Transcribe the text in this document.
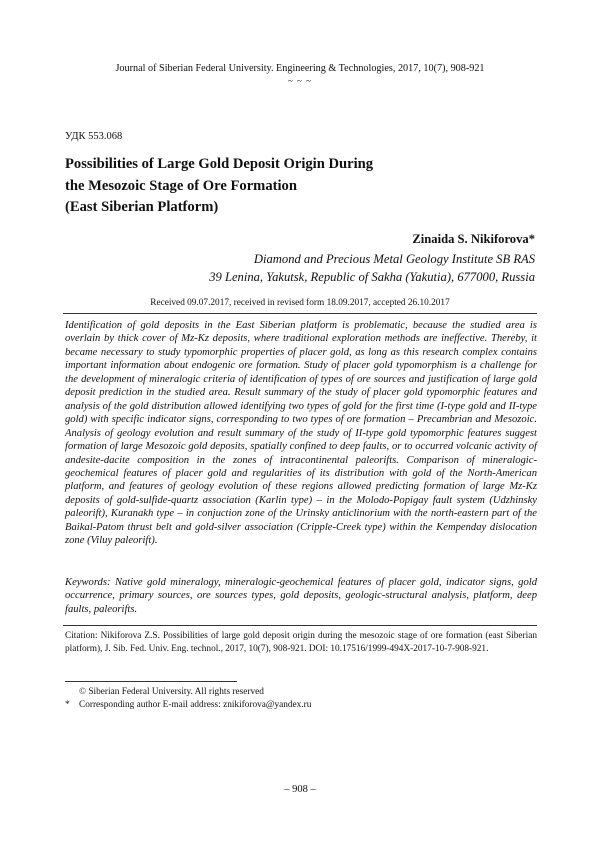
Journal of Siberian Federal University. Engineering & Technologies, 2017, 10(7), 908-921
~ ~ ~
УДК 553.068
Possibilities of Large Gold Deposit Origin During
the Mesozoic Stage of Ore Formation
(East Siberian Platform)
Zinaida S. Nikiforova*
Diamond and Precious Metal Geology Institute SB RAS
39 Lenina, Yakutsk, Republic of Sakha (Yakutia), 677000, Russia
Received 09.07.2017, received in revised form 18.09.2017, accepted 26.10.2017
Identification of gold deposits in the East Siberian platform is problematic, because the studied area is overlain by thick cover of Mz-Kz deposits, where traditional exploration methods are ineffective. Thereby, it became necessary to study typomorphic properties of placer gold, as long as this research complex contains important information about endogenic ore formation. Study of placer gold typomorphism is a challenge for the development of mineralogic criteria of identification of types of ore sources and justification of large gold deposit prediction in the studied area. Result summary of the study of placer gold typomorphic features and analysis of the gold distribution allowed identifying two types of gold for the first time (I-type gold and II-type gold) with specific indicator signs, corresponding to two types of ore formation – Precambrian and Mesozoic. Analysis of geology evolution and result summary of the study of II-type gold typomorphic features suggest formation of large Mesozoic gold deposits, spatially confined to deep faults, or to occurred volcanic activity of andesite-dacite composition in the zones of intracontinental paleorifts. Comparison of mineralogic-geochemical features of placer gold and regularities of its distribution with gold of the North-American platform, and features of geology evolution of these regions allowed predicting formation of large Mz-Kz deposits of gold-sulfide-quartz association (Karlin type) – in the Molodo-Popigay fault system (Udzhinsky paleorift), Kuranakh type – in conjuction zone of the Urinsky anticlinorium with the north-eastern part of the Baikal-Patom thrust belt and gold-silver association (Cripple-Creek type) within the Kempenday dislocation zone (Viluy paleorift).
Keywords: Native gold mineralogy, mineralogic-geochemical features of placer gold, indicator signs, gold occurrence, primary sources, ore sources types, gold deposits, geologic-structural analysis, platform, deep faults, paleorifts.
Citation: Nikiforova Z.S. Possibilities of large gold deposit origin during the mesozoic stage of ore formation (east Siberian platform), J. Sib. Fed. Univ. Eng. technol., 2017, 10(7), 908-921. DOI: 10.17516/1999-494X-2017-10-7-908-921.
© Siberian Federal University. All rights reserved
*	Corresponding author E-mail address: znikiforova@yandex.ru
– 908 –
